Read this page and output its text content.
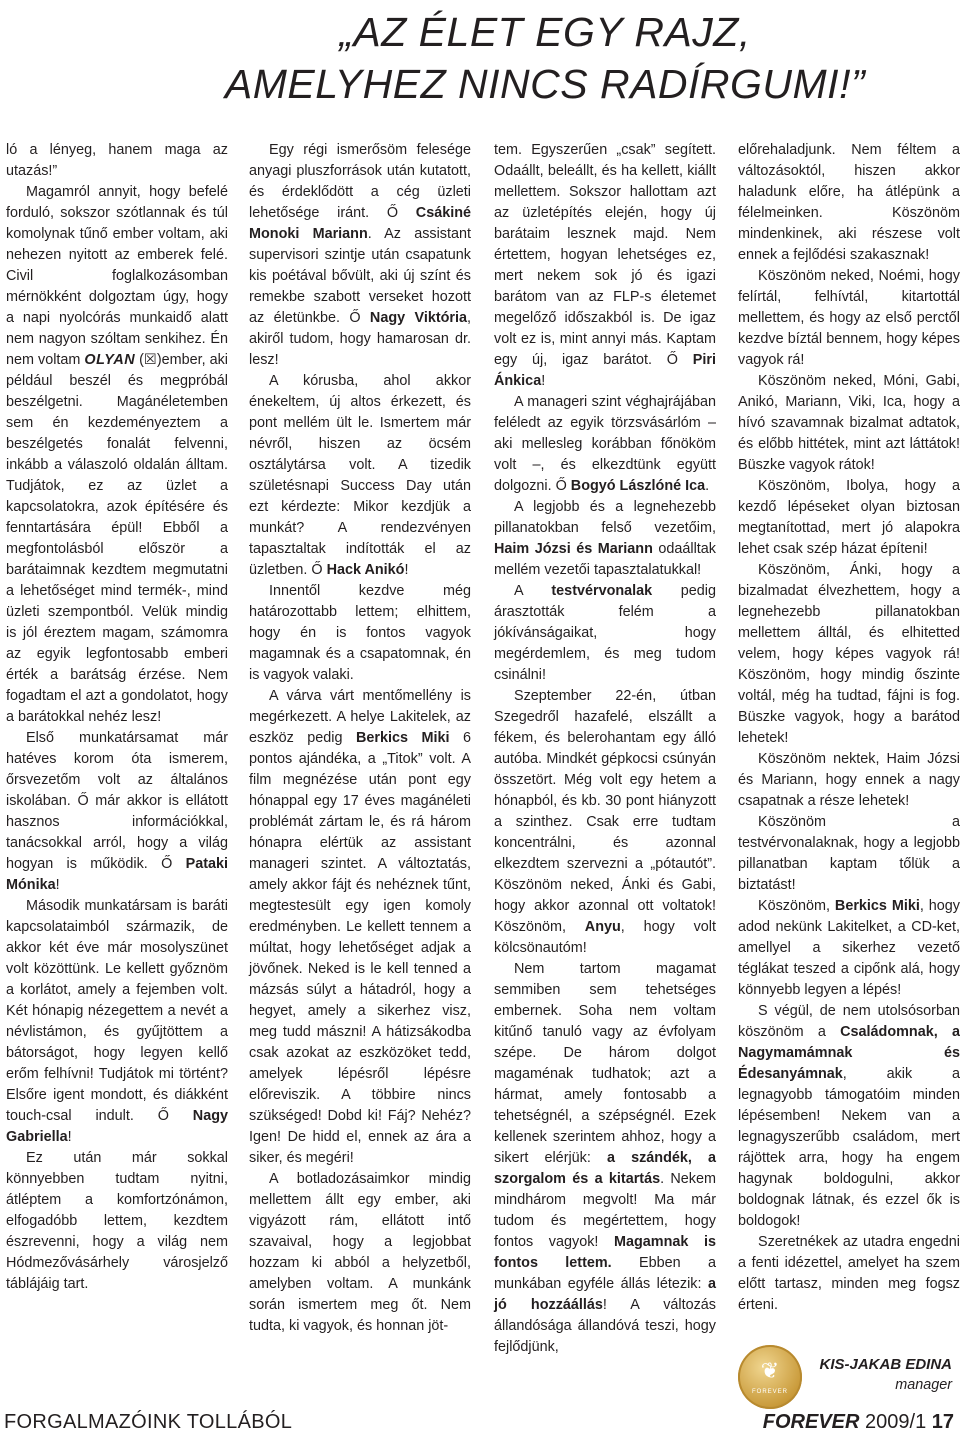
„AZ ÉLET EGY RAJZ,
AMELYHEZ NINCS RADÍRGUMI!”

ló a lényeg, hanem maga az utazás!”

Magamról annyit, hogy befelé forduló, sokszor szótlannak és túl komolynak tűnő ember voltam, aki nehezen nyitott az emberek felé. Civil foglalkozásomban mérnökként dolgoztam úgy, hogy a napi nyolcórás munkaidő alatt nem nagyon szóltam senkihez. Én nem voltam OLYAN (☒)ember, aki például beszél és megpróbál beszélgetni. Magánéletemben sem én kezdeményeztem a beszélgetés fonalát felvenni, inkább a válaszoló oldalán álltam. Tudjátok, ez az üzlet a kapcsolatokra, azok építésére és fenntartására épül! Ebből a megfontolásból először a barátaimnak kezdtem megmutatni a lehetőséget mind termék-, mind üzleti szempontból. Velük mindig is jól éreztem magam, számomra az egyik legfontosabb emberi érték a barátság érzése. Nem fogadtam el azt a gondolatot, hogy a barátokkal nehéz lesz!

Első munkatársamat már hatéves korom óta ismerem, őrsvezetőm volt az általános iskolában. Ő már akkor is ellátott hasznos információkkal, tanácsokkal arról, hogy a világ hogyan is működik. Ő Pataki Mónika!

Második munkatársam is baráti kapcsolataimból származik, de akkor két éve már mosolyszünet volt közöttünk. Le kellett győznöm a korlátot, amely a fejemben volt. Két hónapig nézegettem a nevét a névlistámon, és gyűjtöttem a bátorságot, hogy legyen kellő erőm felhívni! Tudjátok mi történt? Elsőre igent mondott, és diákként touch-csal indult. Ő Nagy Gabriella!

Ez után már sokkal könnyebben tudtam nyitni, átléptem a komfortzónámon, elfogadóbb lettem, kezdtem észrevenni, hogy a világ nem Hódmezővásárhely városjelző táblájáig tart.

Egy régi ismerősöm felesége anyagi pluszforrások után kutatott, és érdeklődött a cég üzleti lehetősége iránt. Ő Csákiné Monoki Mariann. Az assistant supervisori szintje után csapatunk kis poétával bővült, aki új színt és remekbe szabott verseket hozott az életünkbe. Ő Nagy Viktória, akiről tudom, hogy hamarosan dr. lesz!

A kórusba, ahol akkor énekeltem, új altos érkezett, és pont mellém ült le. Ismertem már névről, hiszen az öcsém osztálytársa volt. A tizedik születésnapi Success Day után ezt kérdezte: Mikor kezdjük a munkát? A rendezvényen tapasztaltak indították el az üzletben. Ő Hack Anikó!

Innentől kezdve még határozottabb lettem; elhittem, hogy én is fontos vagyok magamnak és a csapatomnak, én is vagyok valaki.

A várva várt mentőmellény is megérkezett. A helye Lakitelek, az eszköz pedig Berkics Miki 6 pontos ajándéka, a „Titok” volt. A film megnézése után pont egy hónappal egy 17 éves magánéleti problémát zártam le, és rá három hónapra elértük az assistant manageri szintet. A változtatás, amely akkor fájt és nehéznek tűnt, megtestesült egy igen komoly eredményben. Le kellett tennem a múltat, hogy lehetőséget adjak a jövőnek. Neked is le kell tenned a mázsás súlyt a hátadról, hogy a hegyet, amely a sikerhez visz, meg tudd mászni! A hátizsákodba csak azokat az eszközöket tedd, amelyek lépésről lépésre előreviszik. A többire nincs szükséged! Dobd ki! Fáj? Nehéz? Igen! De hidd el, ennek az ára a siker, és megéri!

A botladozásaimkor mindig mellettem állt egy ember, aki vigyázott rám, ellátott intő szavaival, hogy a legjobbat hozzam ki abból a helyzetből, amelyben voltam. A munkánk során ismertem meg őt. Nem tudta, ki vagyok, és honnan jöt-

tem. Egyszerűen „csak” segített. Odaállt, beleállt, és ha kellett, kiállt mellettem. Sokszor hallottam azt az üzletépítés elején, hogy új barátaim lesznek majd. Nem értettem, hogyan lehetséges ez, mert nekem sok jó és igazi barátom van az FLP-s életemet megelőző időszakból is. De igaz volt ez is, mint annyi más. Kaptam egy új, igaz barátot. Ő Piri Ánkica!

A manageri szint véghajrájában feléledt az egyik törzsvásárlóm – aki mellesleg korábban főnököm volt –, és elkezdtünk együtt dolgozni. Ő Bogyó Lászlóné Ica.

A legjobb és a legnehezebb pillanatokban felső vezetőim, Haim Józsi és Mariann odaálltak mellém vezetői tapasztalatukkal!

A testvérvonalak pedig árasztották felém a jókívánságaikat, hogy megérdemlem, és meg tudom csinálni!

Szeptember 22-én, útban Szegedről hazafelé, elszállt a fékem, és belerohantam egy álló autóba. Mindkét gépkocsi csúnyán összetört. Még volt egy hetem a hónapból, és kb. 30 pont hiányzott a szinthez. Csak erre tudtam koncentrálni, és azonnal elkezdtem szervezni a „pótautót”. Köszönöm neked, Ánki és Gabi, hogy akkor azonnal ott voltatok! Köszönöm, Anyu, hogy volt kölcsönautóm!

Nem tartom magamat semmiben sem tehetséges embernek. Soha nem voltam kitűnő tanuló vagy az évfolyam szépe. De három dolgot magaménak tudhatok; azt a hármat, amely fontosabb a tehetségnél, a szépségnél. Ezek kellenek szerintem ahhoz, hogy a sikert elérjük: a szándék, a szorgalom és a kitartás. Nekem mindhárom megvolt! Ma már tudom és megértettem, hogy fontos vagyok! Magamnak is fontos lettem. Ebben a munkában egyféle állás létezik: a jó hozzáállás! A változás állandósága állandóvá teszi, hogy fejlődjünk,

előrehaladjunk. Nem féltem a változásoktól, hiszen akkor haladunk előre, ha átlépünk a félelmeinken. Köszönöm mindenkinek, aki részese volt ennek a fejlődési szakasznak!

Köszönöm neked, Noémi, hogy felírtál, felhívtál, kitartottál mellettem, és hogy az első perctől kezdve bíztál bennem, hogy képes vagyok rá!

Köszönöm neked, Móni, Gabi, Anikó, Mariann, Viki, Ica, hogy a hívó szavamnak bizalmat adtatok, és előbb hittétek, mint azt láttátok! Büszke vagyok rátok!

Köszönöm, Ibolya, hogy a kezdő lépéseket olyan biztosan megtanítottad, mert jó alapokra lehet csak szép házat építeni!

Köszönöm, Ánki, hogy a bizalmadat élvezhettem, hogy a legnehezebb pillanatokban mellettem álltál, és elhitetted velem, hogy képes vagyok rá! Köszönöm, hogy mindig őszinte voltál, még ha tudtad, fájni is fog. Büszke vagyok, hogy a barátod lehetek!

Köszönöm nektek, Haim Józsi és Mariann, hogy ennek a nagy csapatnak a része lehetek!

Köszönöm a testvérvonalaknak, hogy a legjobb pillanatban kaptam tőlük a biztatást!

Köszönöm, Berkics Miki, hogy adod nekünk Lakitelket, a CD-ket, amellyel a sikerhez vezető téglákat teszed a cipőnk alá, hogy könnyebb legyen a lépés!

S végül, de nem utolsósorban köszönöm a Családomnak, a Nagymamámnak és Édesanyámnak, akik a legnagyobb támogatóim minden lépésemben! Nekem van a legnagyszerűbb családom, mert rájöttek arra, hogy ha engem hagynak boldogulni, akkor boldognak látnak, és ezzel ők is boldogok!

Szeretnékek az utadra engedni a fenti idézettel, amelyet ha szem előtt tartasz, minden meg fogsz érteni.

❦
FOREVER
KIS-JAKAB EDINA
manager
FORGALMAZÓINK TOLLÁBÓL	FOREVER 2009/1 17
